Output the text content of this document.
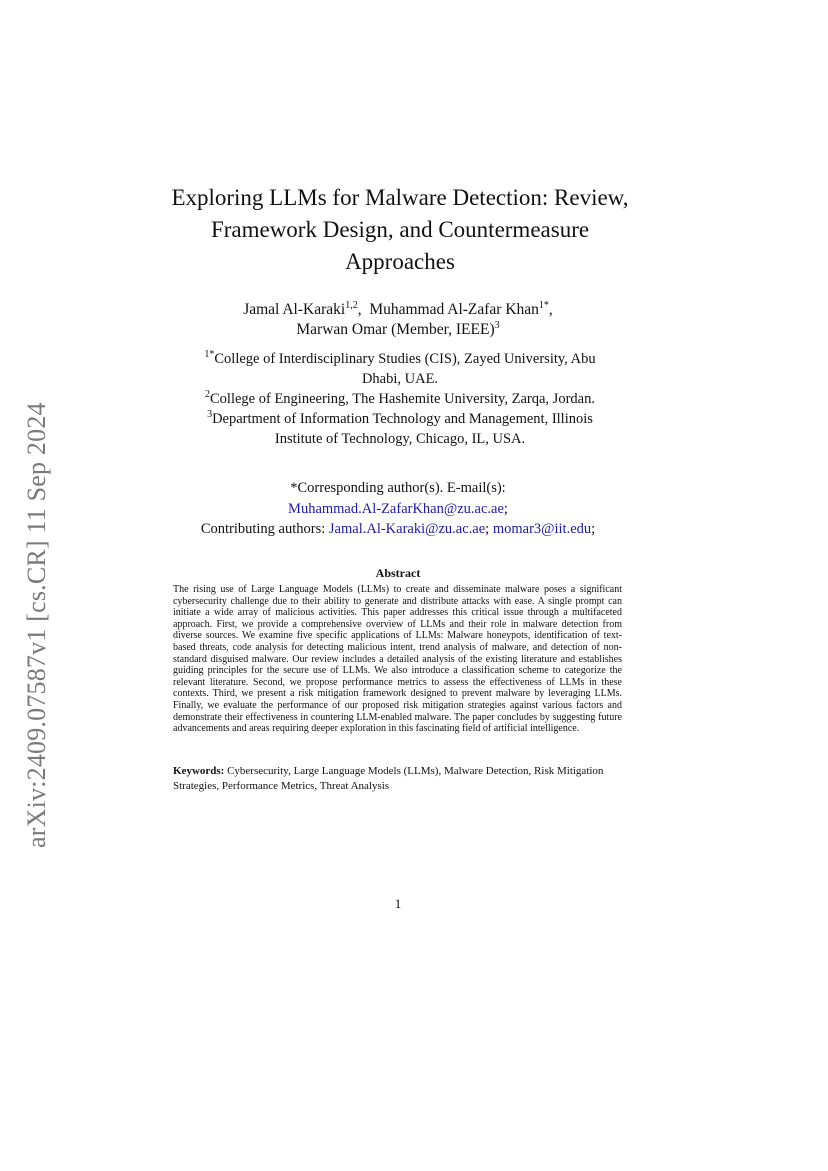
arXiv:2409.07587v1 [cs.CR] 11 Sep 2024
Exploring LLMs for Malware Detection: Review,
Framework Design, and Countermeasure
Approaches
Jamal Al-Karaki$^{1,2}$,  Muhammad Al-Zafar Khan$^{1*}$,
Marwan Omar (Member, IEEE)$^3$
$^{1*}$College of Interdisciplinary Studies (CIS), Zayed University, Abu
Dhabi, UAE.
$^2$College of Engineering, The Hashemite University, Zarqa, Jordan.
$^3$Department of Information Technology and Management, Illinois
Institute of Technology, Chicago, IL, USA.
*Corresponding author(s). E-mail(s):
Muhammad.Al-ZafarKhan@zu.ac.ae;
Contributing authors: Jamal.Al-Karaki@zu.ac.ae; momar3@iit.edu;
Abstract

The rising use of Large Language Models (LLMs) to create and disseminate malware poses a significant cybersecurity challenge due to their ability to generate and distribute attacks with ease. A single prompt can initiate a wide array of malicious activities. This paper addresses this critical issue through a multifaceted approach. First, we provide a comprehensive overview of LLMs and their role in malware detection from diverse sources. We examine five specific applications of LLMs: Malware honeypots, identification of text-based threats, code analysis for detecting malicious intent, trend analysis of malware, and detection of non-standard disguised malware. Our review includes a detailed analysis of the existing literature and establishes guiding principles for the secure use of LLMs. We also introduce a classification scheme to categorize the relevant literature. Second, we propose performance metrics to assess the effectiveness of LLMs in these contexts. Third, we present a risk mitigation framework designed to prevent malware by leveraging LLMs. Finally, we evaluate the performance of our proposed risk mitigation strategies against various factors and demonstrate their effectiveness in countering LLM-enabled malware. The paper concludes by suggesting future advancements and areas requiring deeper exploration in this fascinating field of artificial intelligence.

Keywords: Cybersecurity, Large Language Models (LLMs), Malware Detection, Risk Mitigation Strategies, Performance Metrics, Threat Analysis

1
